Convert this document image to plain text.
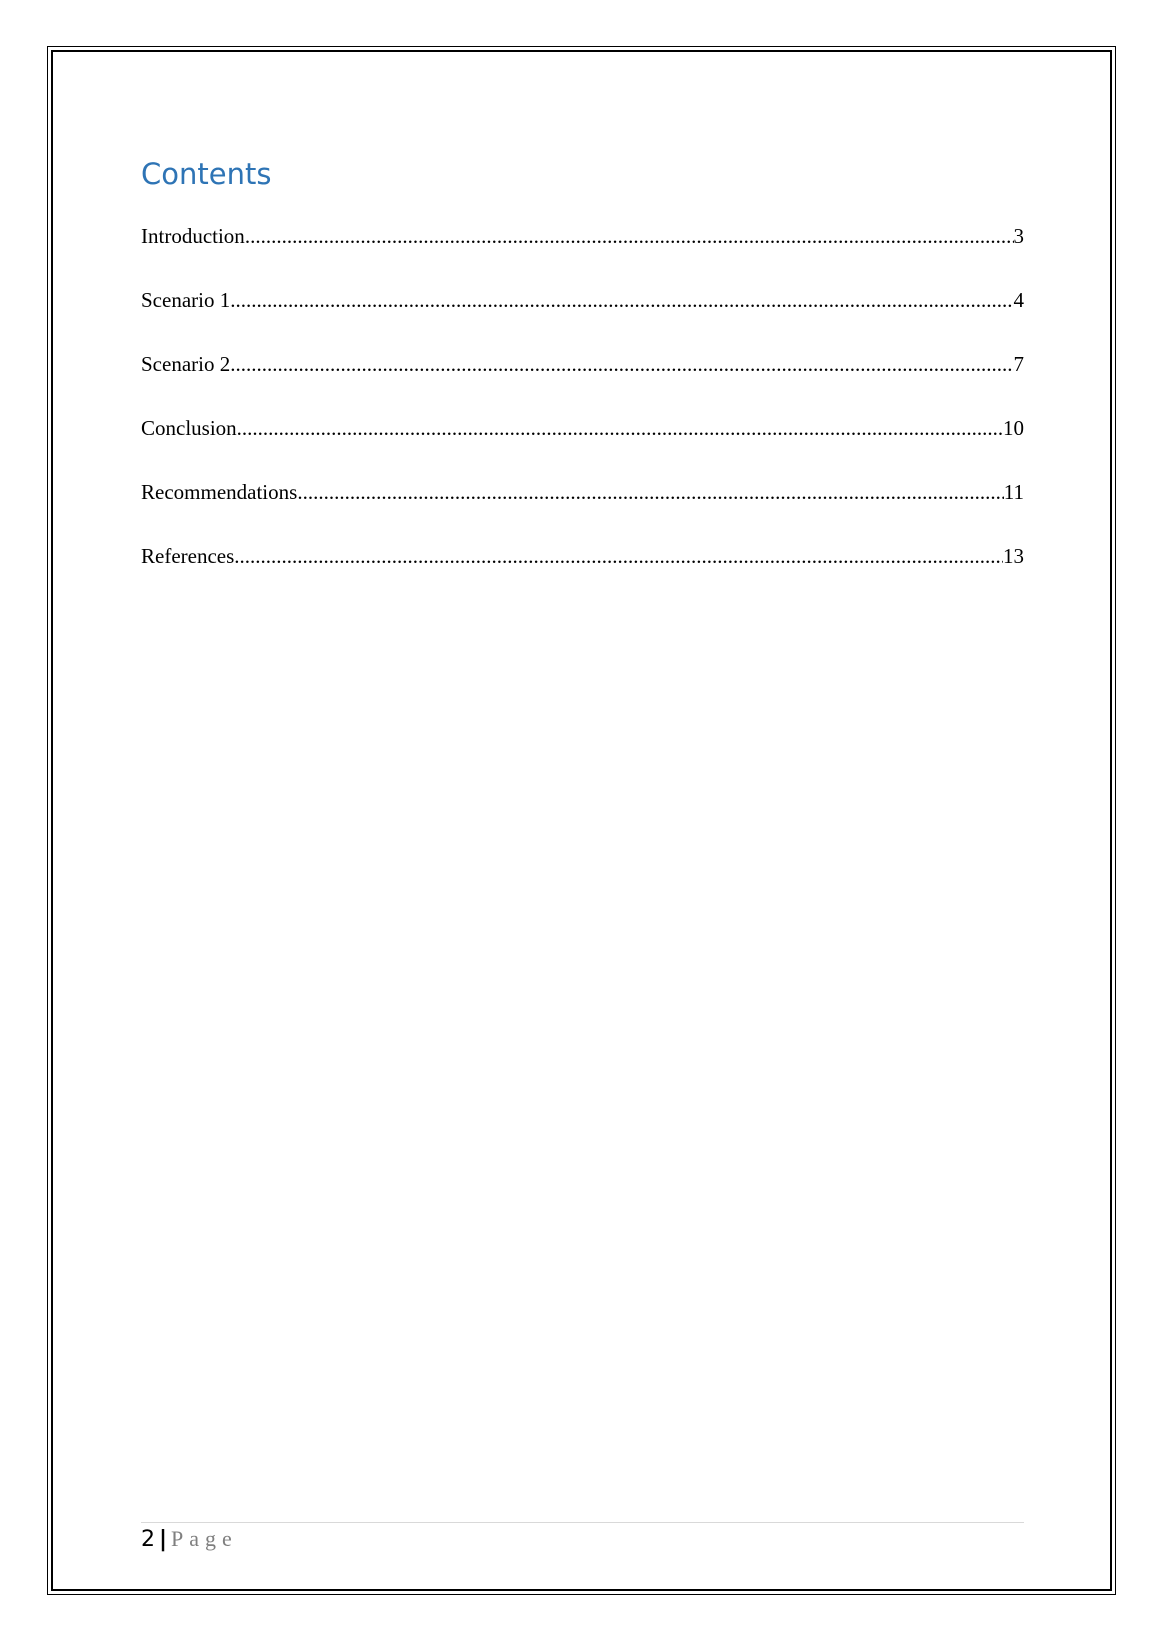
Contents
Introduction .....	3
Scenario 1 .....	4
Scenario 2 .....	7
Conclusion .....	10
Recommendations .....	11
References .....	13
2 | Page
